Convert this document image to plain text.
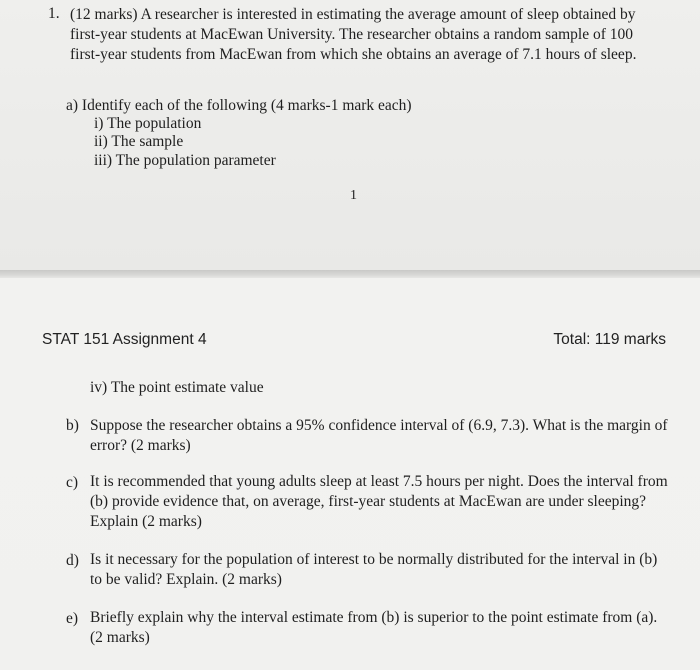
1. (12 marks) A researcher is interested in estimating the average amount of sleep obtained by first-year students at MacEwan University. The researcher obtains a random sample of 100 first-year students from MacEwan from which she obtains an average of 7.1 hours of sleep.
a) Identify each of the following (4 marks-1 mark each)
i) The population
ii) The sample
iii) The population parameter
1
STAT 151 Assignment 4	Total: 119 marks
iv) The point estimate value
b) Suppose the researcher obtains a 95% confidence interval of (6.9, 7.3). What is the margin of error? (2 marks)
c) It is recommended that young adults sleep at least 7.5 hours per night. Does the interval from (b) provide evidence that, on average, first-year students at MacEwan are under sleeping? Explain (2 marks)
d) Is it necessary for the population of interest to be normally distributed for the interval in (b) to be valid? Explain. (2 marks)
e) Briefly explain why the interval estimate from (b) is superior to the point estimate from (a). (2 marks)
